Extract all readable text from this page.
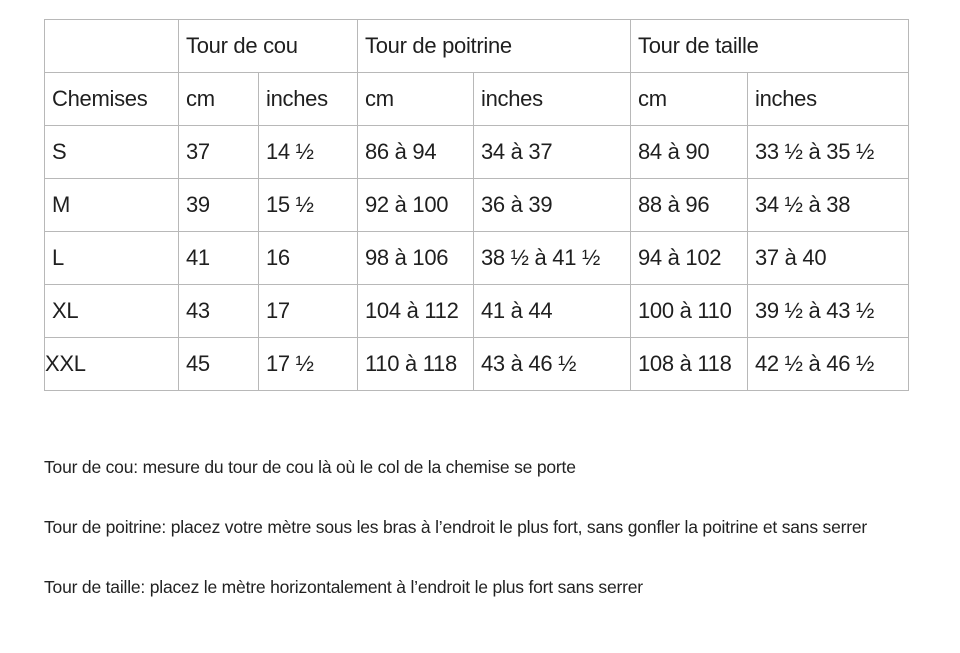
	Tour de cou		Tour de poitrine		Tour de taille	
Chemises	cm	inches	cm	inches	cm	inches
S	37	14 ½	86 à 94	34 à 37	84 à 90	33 ½ à 35 ½
M	39	15 ½	92 à 100	36 à 39	88 à 96	34 ½ à 38
L	41	16	98 à 106	38 ½ à 41 ½	94 à 102	37 à 40
XL	43	17	104 à 112	41 à 44	100 à 110	39 ½ à 43 ½
XXL	45	17 ½	110 à 118	43 à 46 ½	108 à 118	42 ½ à 46 ½

Tour de cou: mesure du tour de cou là où le col de la chemise se porte

Tour de poitrine: placez votre mètre sous les bras à l’endroit le plus fort, sans gonfler la poitrine et sans serrer

Tour de taille: placez le mètre horizontalement à l’endroit le plus fort sans serrer
